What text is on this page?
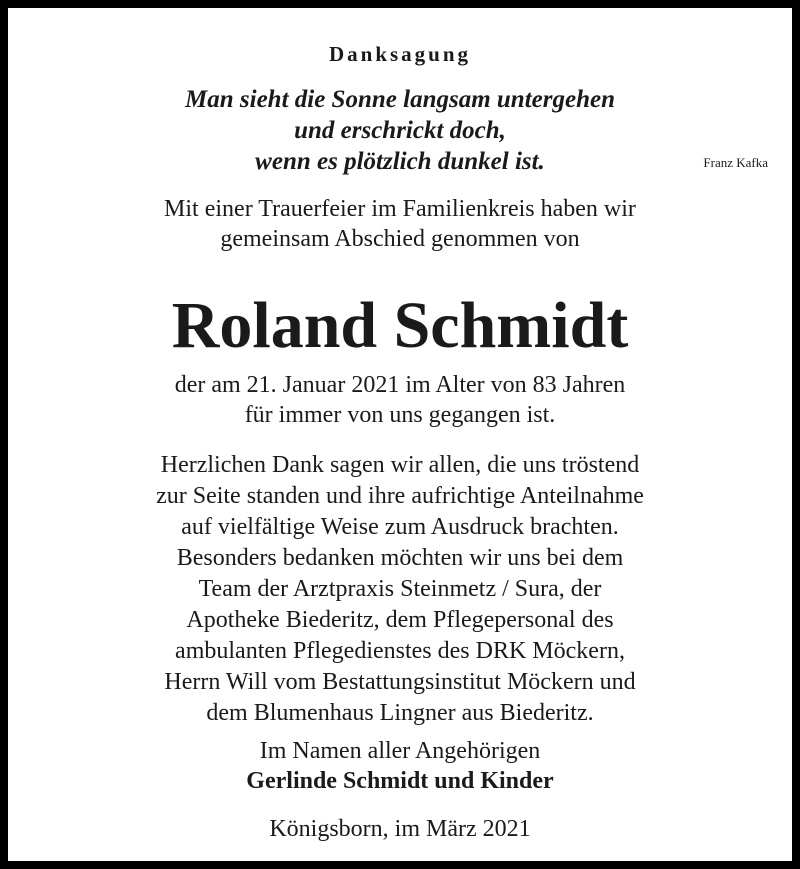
Danksagung

Man sieht die Sonne langsam untergehen

und erschrickt doch,

wenn es plötzlich dunkel ist.	Franz Kafka

Mit einer Trauerfeier im Familienkreis haben wir

gemeinsam Abschied genommen von

Roland Schmidt

der am 21. Januar 2021 im Alter von 83 Jahren

für immer von uns gegangen ist.

Herzlichen Dank sagen wir allen, die uns tröstend

zur Seite standen und ihre aufrichtige Anteilnahme

auf vielfältige Weise zum Ausdruck brachten.

Besonders bedanken möchten wir uns bei dem

Team der Arztpraxis Steinmetz / Sura, der

Apotheke Biederitz, dem Pflegepersonal des

ambulanten Pflegedienstes des DRK Möckern,

Herrn Will vom Bestattungsinstitut Möckern und

dem Blumenhaus Lingner aus Biederitz.

Im Namen aller Angehörigen

Gerlinde Schmidt und Kinder

Königsborn, im März 2021
